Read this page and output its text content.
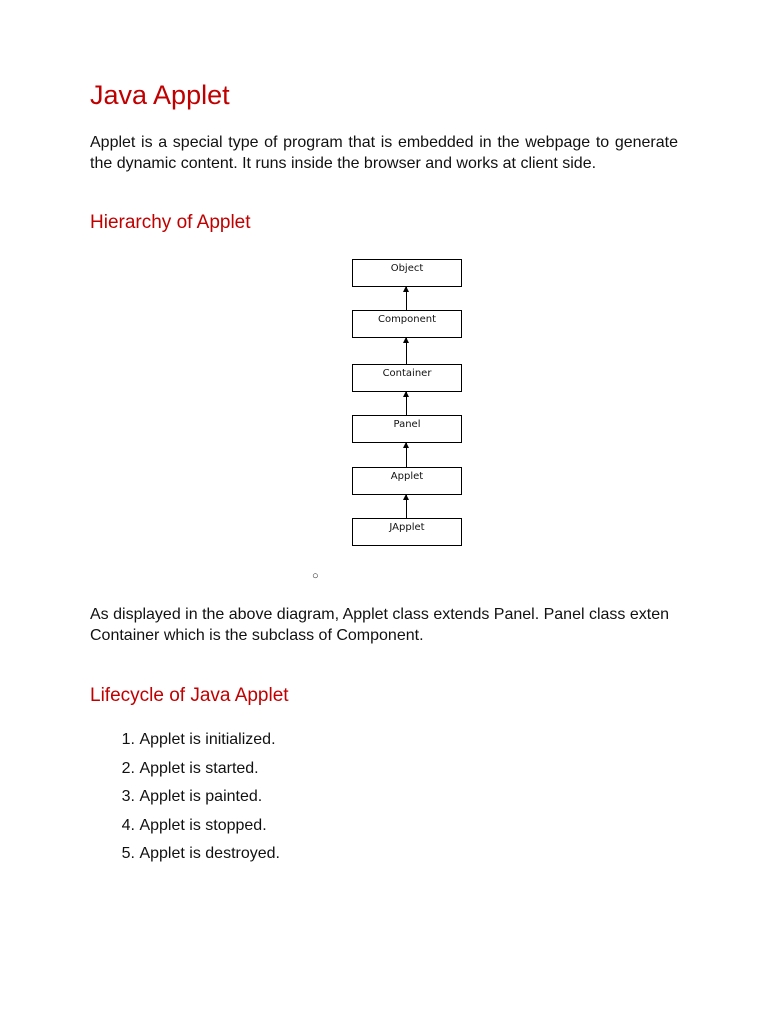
Java Applet

Applet is a special type of program that is embedded in the webpage to generate the dynamic content. It runs inside the browser and works at client side.

Hierarchy of Applet
Object
Component
Container
Panel
Applet
JApplet
○

As displayed in the above diagram, Applet class extends Panel. Panel class exten
Container which is the subclass of Component.

Lifecycle of Java Applet
1. Applet is initialized.
2. Applet is started.
3. Applet is painted.
4. Applet is stopped.
5. Applet is destroyed.
